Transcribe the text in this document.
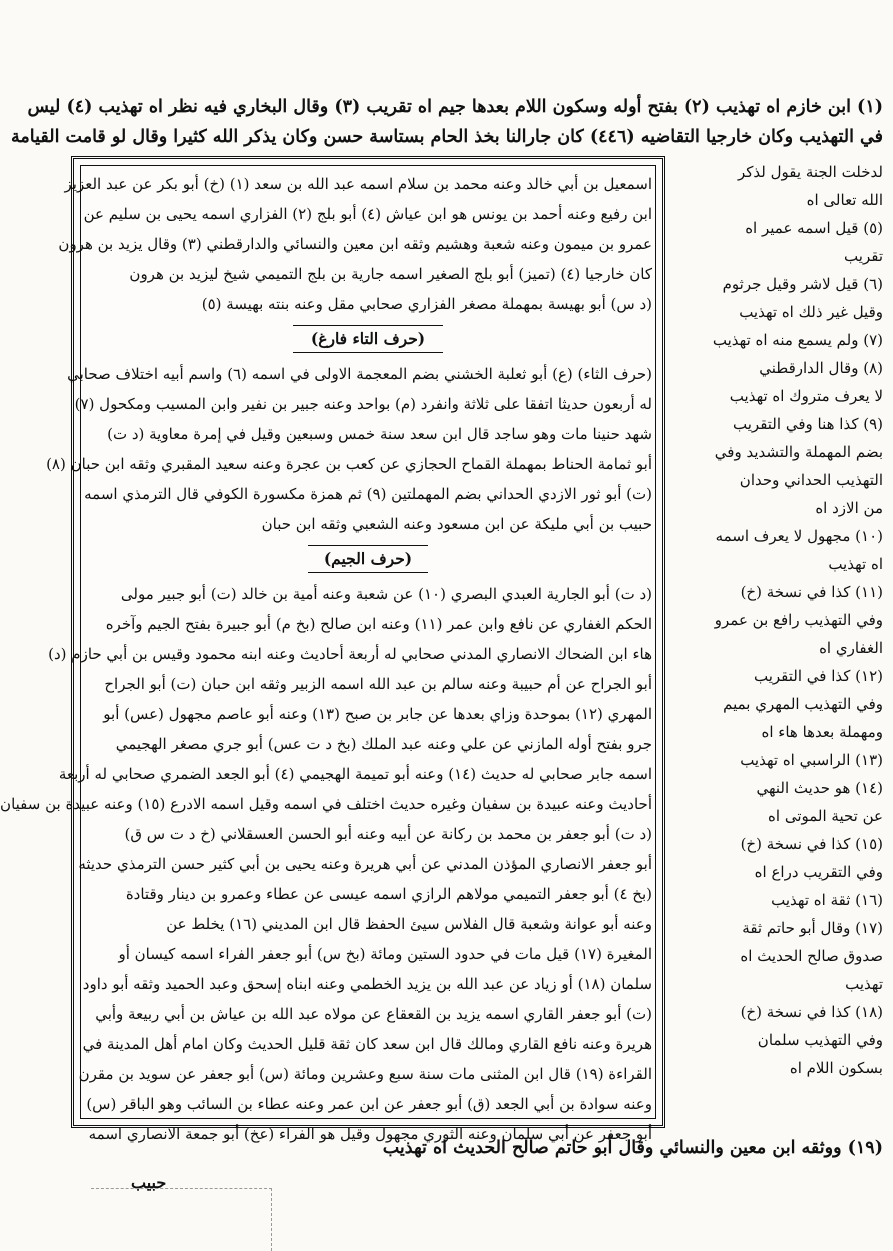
(١) ابن خازم اه تهذيب (٢) بفتح أوله وسكون اللام بعدها جيم اه تقريب (٣) وقال البخاري فيه نظر اه تهذيب (٤) ليس
في التهذيب وكان خارجيا التقاضيه (٤٤٦) كان جارالنا بخذ الحام بستاسة حسن وكان يذكر الله كثيرا وقال لو قامت القيامة
اسمعيل بن أبي خالد وعنه محمد بن سلام اسمه عبد الله بن سعد (١) (خ) أبو بكر عن عبد العزيز
ابن رفيع وعنه أحمد بن يونس هو ابن عياش (٤) أبو بلج (٢) الفزاري اسمه يحيى بن سليم عن
عمرو بن ميمون وعنه شعبة وهشيم وثقه ابن معين والنسائي والدارقطني (٣) وقال يزيد بن هرون
كان خارجيا (٤) (تميز) أبو بلج الصغير اسمه جارية بن بلج التميمي شيخ ليزيد بن هرون
(د س) أبو بهيسة بمهملة مصغر الفزاري صحابي مقل وعنه بنته بهيسة (٥)
(حرف التاء فارغ)
(حرف الثاء) (ع) أبو ثعلبة الخشني بضم المعجمة الاولى في اسمه (٦) واسم أبيه اختلاف صحابي
له أربعون حديثا اتفقا على ثلاثة وانفرد (م) بواحد وعنه جبير بن نفير وابن المسيب ومكحول (٧)
شهد حنينا مات وهو ساجد قال ابن سعد سنة خمس وسبعين وقيل في إمرة معاوية (د ت)
أبو ثمامة الحناط بمهملة القماح الحجازي عن كعب بن عجرة وعنه سعيد المقبري وثقه ابن حبان (٨)
(ت) أبو ثور الازدي الحداني بضم المهملتين (٩) ثم همزة مكسورة الكوفي قال الترمذي اسمه
حبيب بن أبي مليكة عن ابن مسعود وعنه الشعبي وثقه ابن حبان
(حرف الجيم)
(د ت) أبو الجارية العبدي البصري (١٠) عن شعبة وعنه أمية بن خالد (ت) أبو جبير مولى
الحكم الغفاري عن نافع وابن عمر (١١) وعنه ابن صالح (بخ م) أبو جبيرة بفتح الجيم وآخره
هاء ابن الضحاك الانصاري المدني صحابي له أربعة أحاديث وعنه ابنه محمود وقيس بن أبي حازم (د)
أبو الجراح عن أم حبيبة وعنه سالم بن عبد الله اسمه الزبير وثقه ابن حبان (ت) أبو الجراح
المهري (١٢) بموحدة وزاي بعدها عن جابر بن صبح (١٣) وعنه أبو عاصم مجهول (عس) أبو
جرو بفتح أوله المازني عن علي وعنه عبد الملك (بخ د ت عس) أبو جري مصغر الهجيمي
اسمه جابر صحابي له حديث (١٤) وعنه أبو تميمة الهجيمي (٤) أبو الجعد الضمري صحابي له أربعة
أحاديث وعنه عبيدة بن سفيان وغيره حديث اختلف في اسمه وقيل اسمه الادرع (١٥) وعنه عبيدة بن سفيان
(د ت) أبو جعفر بن محمد بن ركانة عن أبيه وعنه أبو الحسن العسقلاني (خ د ت س ق)
أبو جعفر الانصاري المؤذن المدني عن أبي هريرة وعنه يحيى بن أبي كثير حسن الترمذي حديثه
(بخ ٤) أبو جعفر التميمي مولاهم الرازي اسمه عيسى عن عطاء وعمرو بن دينار وقتادة
وعنه أبو عوانة وشعبة قال الفلاس سيئ الحفظ قال ابن المديني (١٦) يخلط عن
المغيرة (١٧) قيل مات في حدود الستين ومائة (بخ س) أبو جعفر الفراء اسمه كيسان أو
سلمان (١٨) أو زياد عن عبد الله بن يزيد الخطمي وعنه ابناه إسحق وعبد الحميد وثقه أبو داود
(ت) أبو جعفر القاري اسمه يزيد بن القعقاع عن مولاه عبد الله بن عياش بن أبي ربيعة وأبي
هريرة وعنه نافع القاري ومالك قال ابن سعد كان ثقة قليل الحديث وكان امام أهل المدينة في
القراءة (١٩) قال ابن المثنى مات سنة سبع وعشرين ومائة (س) أبو جعفر عن سويد بن مقرن
وعنه سوادة بن أبي الجعد (ق) أبو جعفر عن ابن عمر وعنه عطاء بن السائب وهو الباقر (س)
أبو جعفر عن أبي سلمان وعنه الثوري مجهول وقيل هو الفراء (عخ) أبو جمعة الانصاري اسمه
لدخلت الجنة يقول لذكر
الله تعالى اه
(٥) قيل اسمه عمير اه
تقريب
(٦) قيل لاشر وقيل جرثوم
وقيل غير ذلك اه تهذيب
(٧) ولم يسمع منه اه تهذيب
(٨) وقال الدارقطني
لا يعرف متروك اه تهذيب
(٩) كذا هنا وفي التقريب
بضم المهملة والتشديد وفي
التهذيب الحداني وحدان
من الازد اه
(١٠) مجهول لا يعرف اسمه
اه تهذيب
(١١) كذا في نسخة (خ)
وفي التهذيب رافع بن عمرو
الغفاري اه
(١٢) كذا في التقريب
وفي التهذيب المهري بميم
ومهملة بعدها هاء اه
(١٣) الراسبي اه تهذيب
(١٤) هو حديث النهي
عن تحية الموتى اه
(١٥) كذا في نسخة (خ)
وفي التقريب دراع اه
(١٦) ثقة اه تهذيب
(١٧) وقال أبو حاتم ثقة
صدوق صالح الحديث اه
تهذيب
(١٨) كذا في نسخة (خ)
وفي التهذيب سلمان
بسكون اللام اه
(١٩) ووثقه ابن معين والنسائي وقال أبو حاتم صالح الحديث اه تهذيب
حبيب
